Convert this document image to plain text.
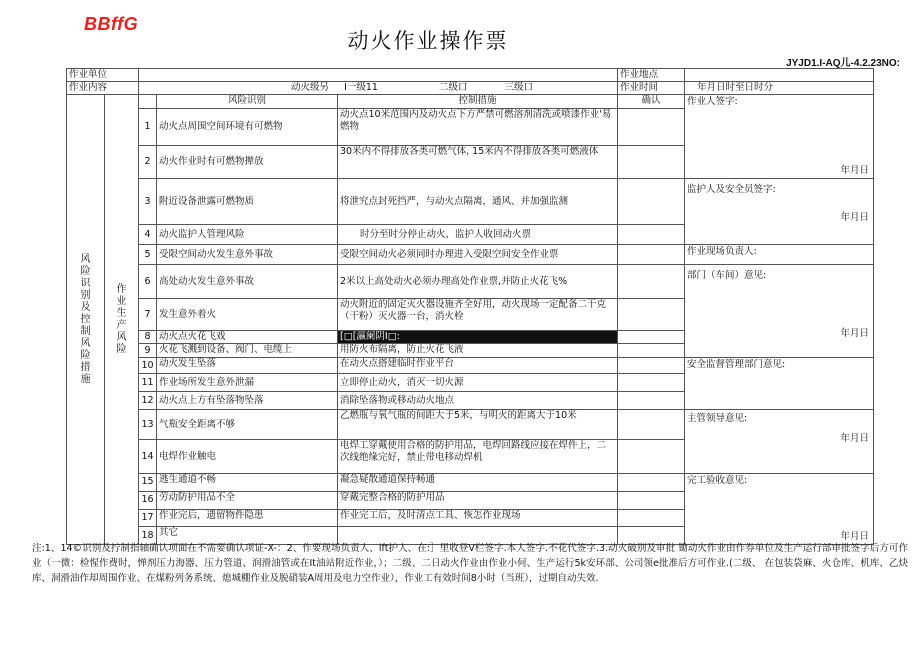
BBffG
动火作业操作票
JYJD1.I-AQ儿-4.2.23NO:
作业单位					作业地点	
作业内容		动火级另 I一级11 二级口 三级口			作业时间	年月日时至日时分
风险识别及控制风险措施	作业生产风险		风险识别	控制措施	确认	作业人签字:
年月日

		1	动火点周围空间环境有可燃物	动火点10米范围内及动火点下方严禁可燃溶剂清洗或喷漆作业'易燃物		
		2	动火作业时有可燃物撵放	30米内不得排放各类可燃气体, 15米内不得排放各类可燃液体		
		3	附近设备泄露可燃物质	将泄究点封死挡严，与动火点隔离，通风、并加强监测		监护人及安全员签字:
年月日

		4	动火监护人管理风险	时分至时分停止动火，监护人收回动火票		
		5	受限空间动火发生意外事故	受限空间动火必须同时办理进入受限空间安全作业票		作业现场负责人:

		6	高处动火发生意外事故	2米以上高处动火必须办理高处作业票,并防止火花飞%		部门（车间）意见:
年月日

		7	发生意外着火	动火附近的固定灭火器设施齐全好用，动火现场一定配备二干克（干粉）灭火器一台，消火栓		
		8	动火点火花飞戏	[□[瀛阑阴I□:		
		9	火花飞溅到设备、阀门、电缆上	用防火布隔离，防止火花飞液		
		10	动火发生坠落	在动火点搭建临时作业平台		安全监督管理部门意见:

		11	作业场所发生意外泄漏	立即停止动火，消灭一切火源		
		12	动火点上方有坠落物坠落	消除坠落物或移动动火地点		
		13	气瓶安全距离不够	乙燃瓶与氧气瓶的间距大于5米，与明火的距离大于10米		主管领导意见:
年月日

		14	电焊作业触电	电焊工穿戴使用合格的防护用品，电焊回路线应接在焊件上，二次线绝缘完好，禁止带电移动焊机		
		15	逃生通道不畅	凝急疑散通道保持畅通		完工验收意见:
年月日

		16	劳动防护用品不全	穿戴完整合格的防护用品		
		17	作业完后，遗留物件隐患	作业完工后，及时清点工具、恢怎作业现场		
		18	其它			
注:1、14©识别及拧制指轴确认项面在不需要确认项证-X-：2、作要现场负责人、lft护人、在:］里收登V栏签字.本人签字.不花代签字.3.动火破别及审批 锄动火作业由作券单位及生产运行部审批签字后方可作业（一微：检惺作费时，惮剂压力海器、压力管道、润滑油管或在It油站附近作业，）；二级、二日动火作业由作业小何、生产运行5k安环部、公司领e批准后方可作业.(二级、 在包装袋麻、火仓库、机库、乙炔库、洞滑油作却周围作业、在煤粉列务系统、熄城棚作业及脱硝装A周用及电力空作业），作业工有效时间8小时（当班），过期自动失效.
